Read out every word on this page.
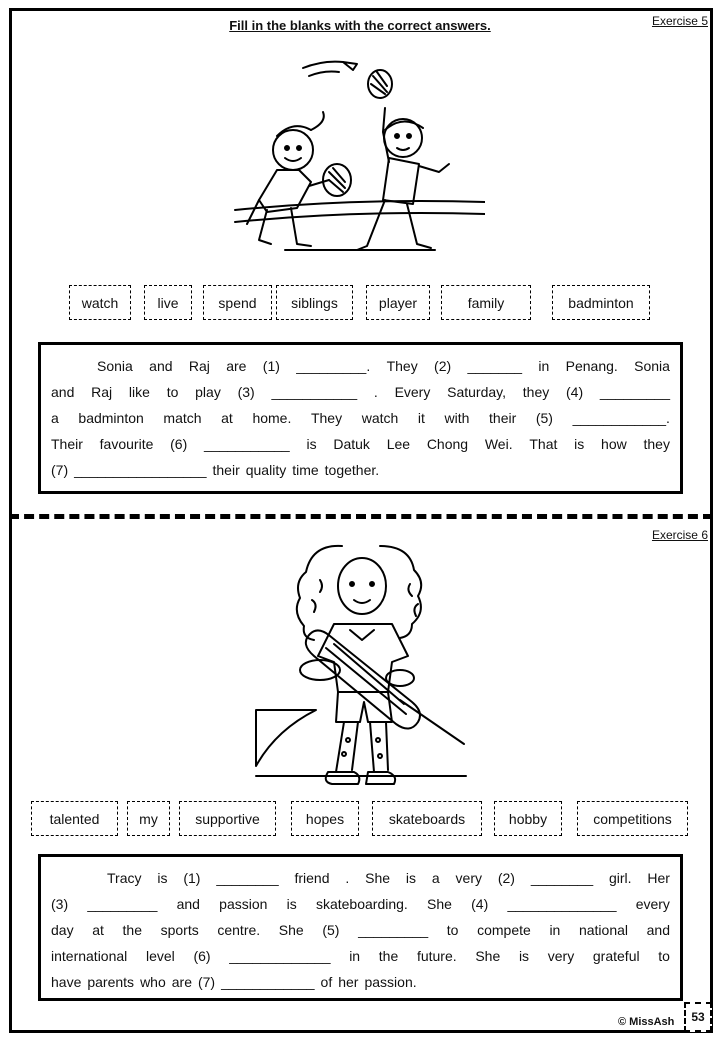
Exercise 5
Fill in the blanks with the correct answers.
watch	live	spend	siblings	player	family	badminton
Sonia and Raj are (1) _________. They (2) _______ in Penang. Sonia
and Raj like to play (3) ___________ . Every Saturday, they (4) _________
a badminton match at home. They watch it with their (5) ____________.
Their favourite (6) ___________ is Datuk Lee Chong Wei. That is how they
(7) _________________ their quality time together.
Exercise 6
talented	my	supportive	hopes	skateboards	hobby	competitions
Tracy is (1) ________ friend . She is a very (2) ________ girl. Her
(3) _________ and passion is skateboarding. She (4) ______________ every
day at the sports centre. She (5) _________ to compete in national and
international level (6) _____________ in the future. She is very grateful to
have parents who are (7) ____________ of her passion.
© MissAsh	53
